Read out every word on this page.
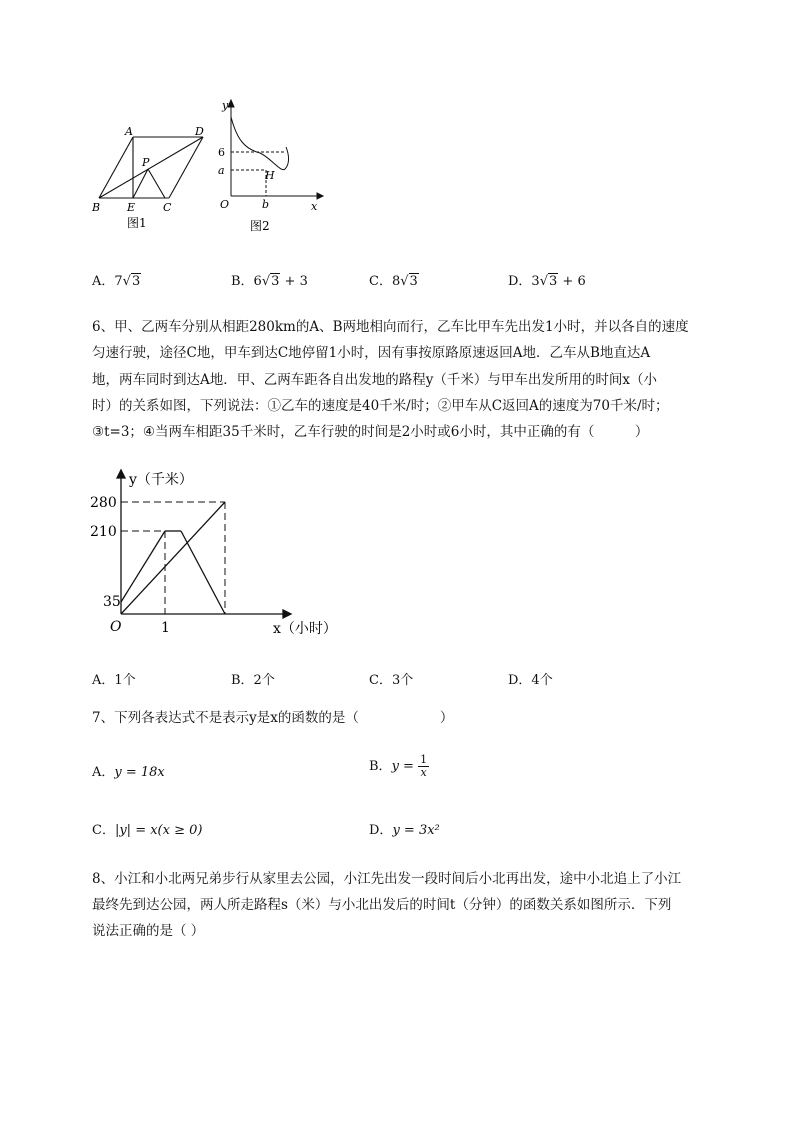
A	D
P
B E	C
图1
y
x
O
6
a
b
H
图2
A．7√3	B．6√3 + 3	C．8√3	D．3√3 + 6
6、甲、乙两车分别从相距280km的A、B两地相向而行，乙车比甲车先出发1小时，并以各自的速度
匀速行驶，途径C地，甲车到达C地停留1小时，因有事按原路原速返回A地．乙车从B地直达A
地，两车同时到达A地．甲、乙两车距各自出发地的路程y（千米）与甲车出发所用的时间x（小
时）的关系如图，下列说法：①乙车的速度是40千米/时；②甲车从C返回A的速度为70千米/时；
③t=3；④当两车相距35千米时，乙车行驶的时间是2小时或6小时，其中正确的有（　　　）
y（千米）
x（小时）
O
280
210
35
1
A．1个	B．2个	C．3个	D．4个
7、下列各表达式不是表示y是x的函数的是（　　　　　　）
A．y = 18x	B．$y = \frac{1}{x}$
C．|y| = x(x ≥ 0)	D．y = 3x²
8、小江和小北两兄弟步行从家里去公园，小江先出发一段时间后小北再出发，途中小北追上了小江
最终先到达公园，两人所走路程s（米）与小北出发后的时间t（分钟）的函数关系如图所示．下列
说法正确的是（ ）
